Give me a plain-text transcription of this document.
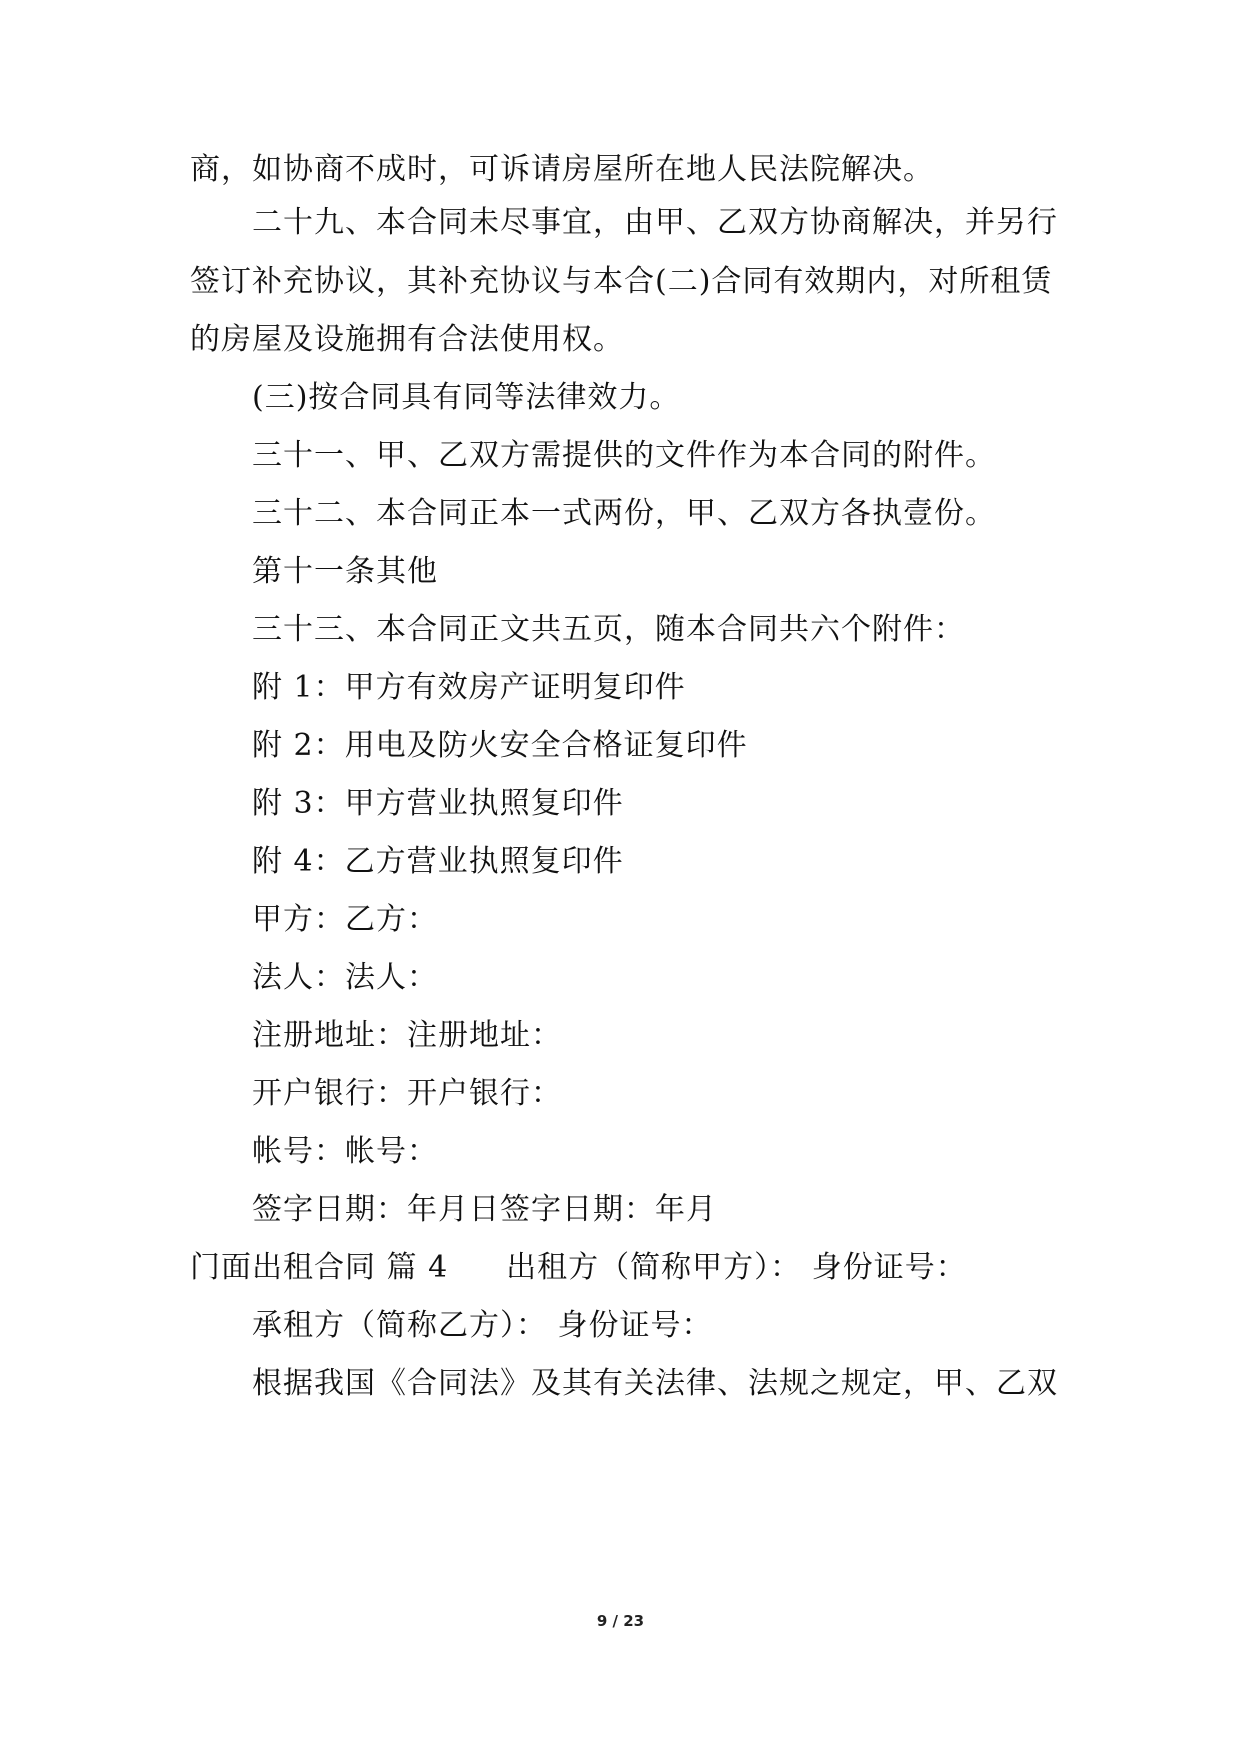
商，如协商不成时，可诉请房屋所在地人民法院解决。
二十九、本合同未尽事宜，由甲、乙双方协商解决，并另行
签订补充协议，其补充协议与本合(二)合同有效期内，对所租赁
的房屋及设施拥有合法使用权。
(三)按合同具有同等法律效力。
三十一、甲、乙双方需提供的文件作为本合同的附件。
三十二、本合同正本一式两份，甲、乙双方各执壹份。
第十一条其他
三十三、本合同正文共五页，随本合同共六个附件：
附 1：甲方有效房产证明复印件
附 2：用电及防火安全合格证复印件
附 3：甲方营业执照复印件
附 4：乙方营业执照复印件
甲方：乙方：
法人：法人：
注册地址：注册地址：
开户银行：开户银行：
帐号：帐号：
签字日期：年月日签字日期：年月
门面出租合同 篇 4 出租方（简称甲方）： 身份证号：
承租方（简称乙方）： 身份证号：
根据我国《合同法》及其有关法律、法规之规定，甲、乙双
9 / 23
